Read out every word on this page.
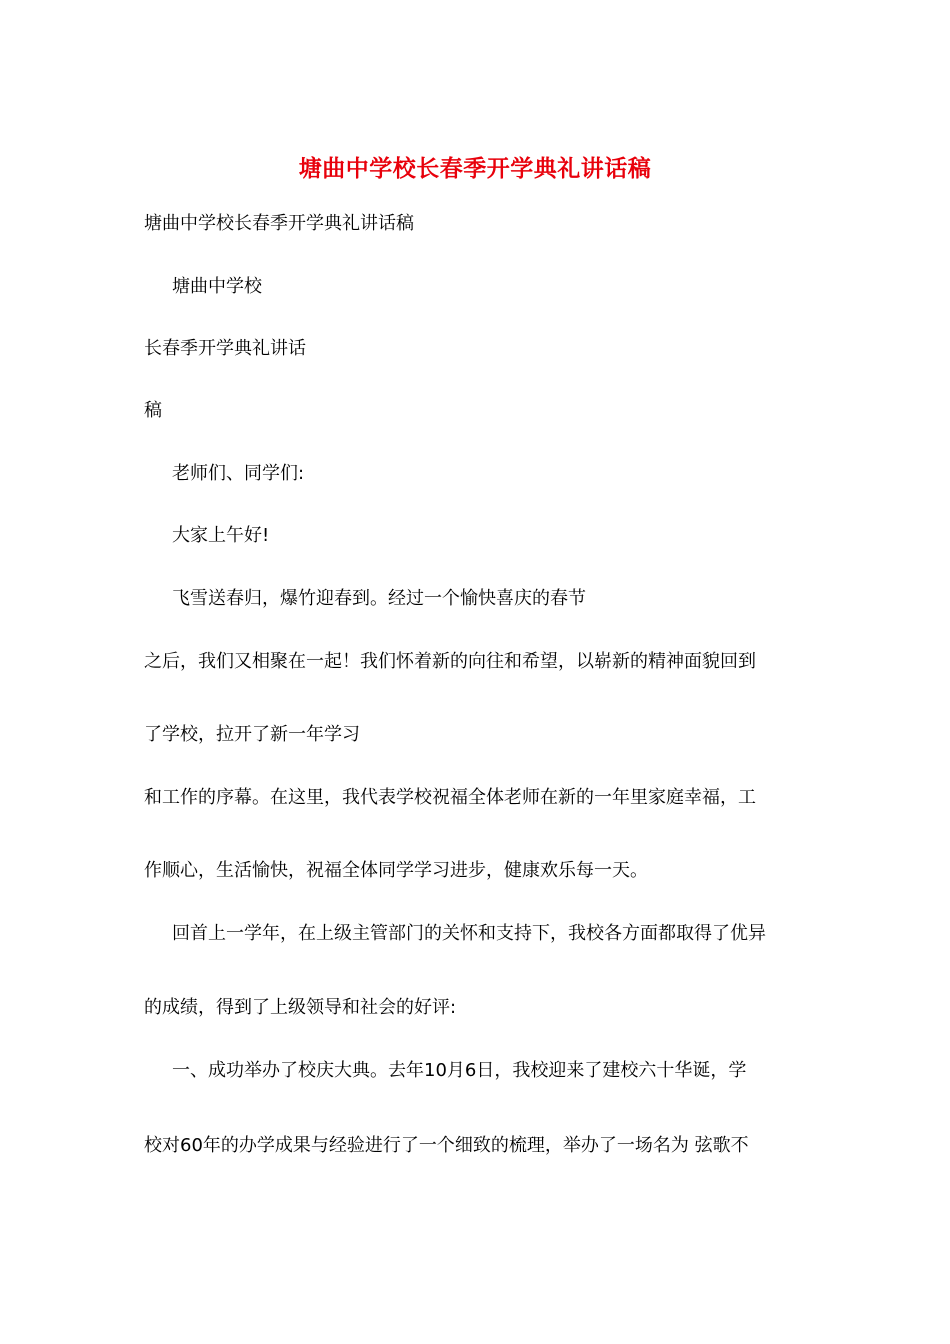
塘曲中学校长春季开学典礼讲话稿
塘曲中学校长春季开学典礼讲话稿
塘曲中学校
长春季开学典礼讲话
稿
老师们、同学们:
大家上午好!
飞雪送春归，爆竹迎春到。经过一个愉快喜庆的春节
之后，我们又相聚在一起！我们怀着新的向往和希望，以崭新的精神面貌回到
了学校，拉开了新一年学习
和工作的序幕。在这里，我代表学校祝福全体老师在新的一年里家庭幸福，工
作顺心，生活愉快，祝福全体同学学习进步，健康欢乐每一天。
回首上一学年，在上级主管部门的关怀和支持下，我校各方面都取得了优异
的成绩，得到了上级领导和社会的好评:
一、成功举办了校庆大典。去年10月6日，我校迎来了建校六十华诞，学
校对60年的办学成果与经验进行了一个细致的梳理，举办了一场名为 弦歌不
